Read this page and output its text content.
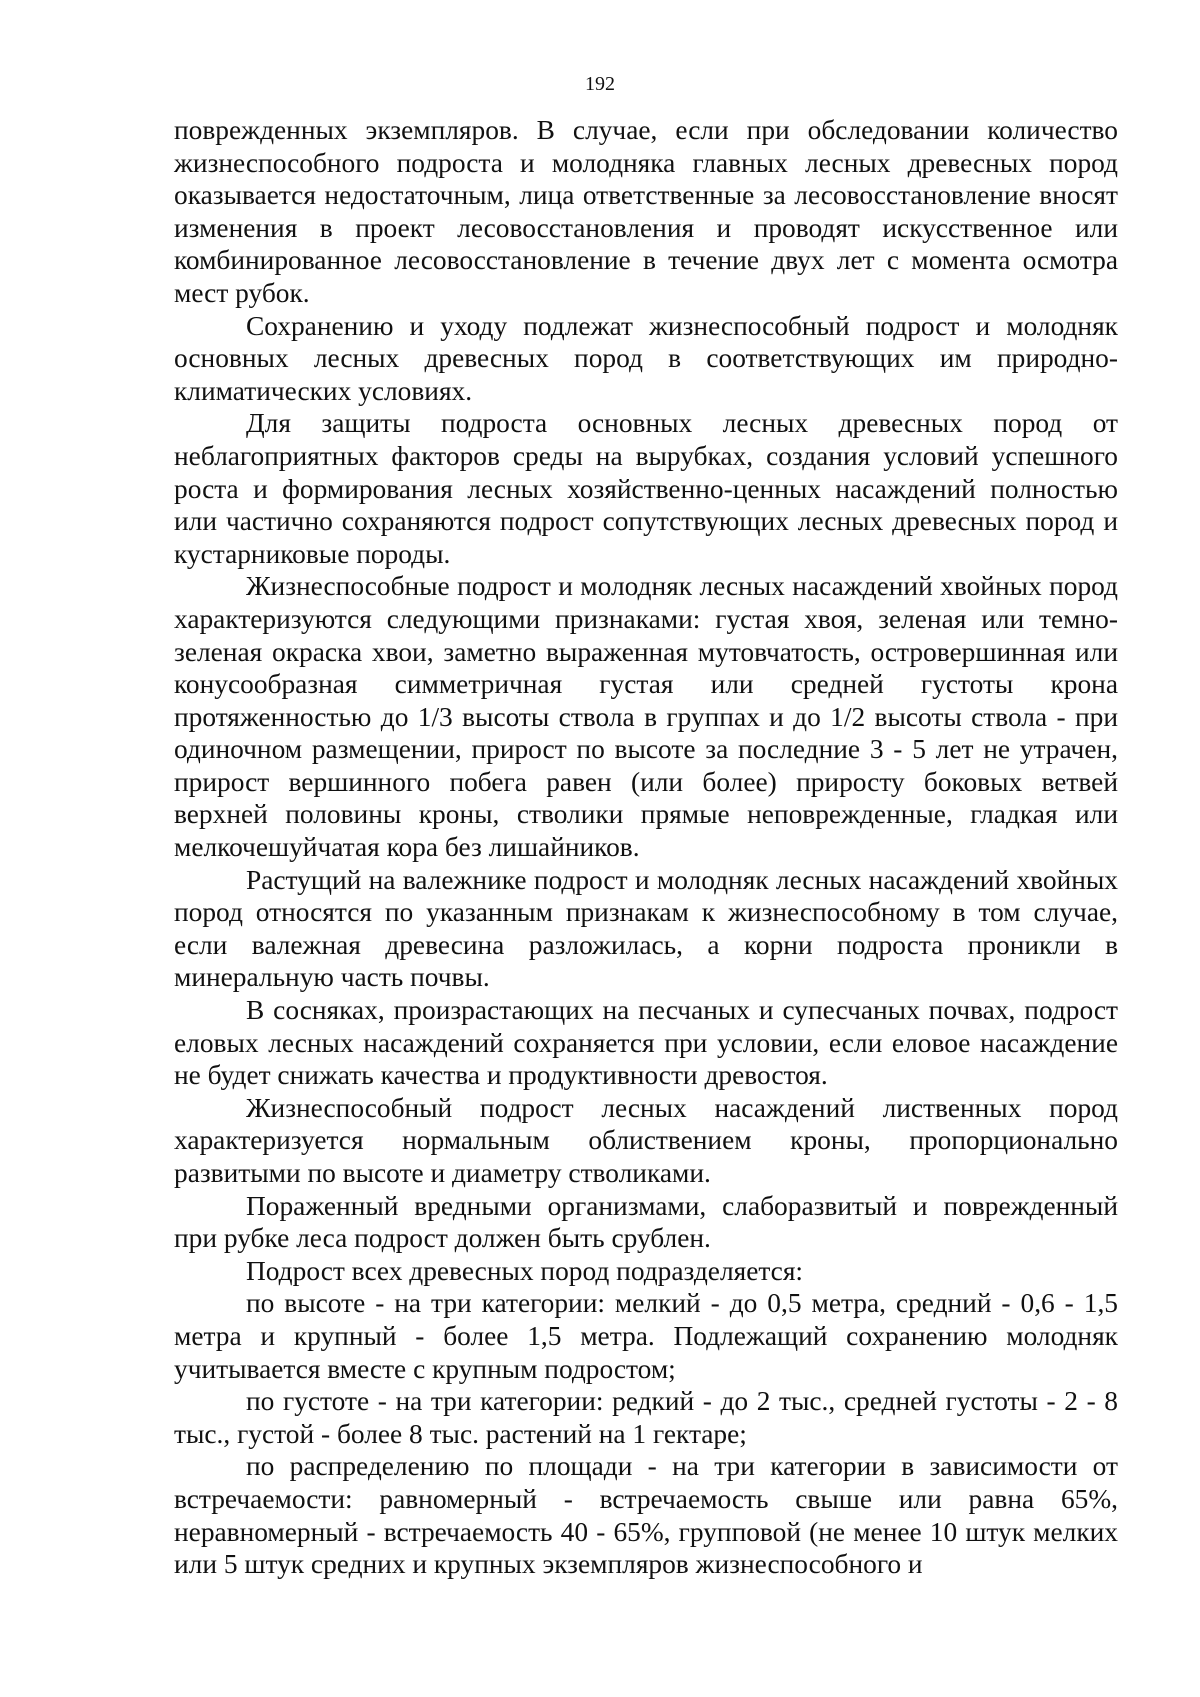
192

поврежденных экземпляров. В случае, если при обследовании количество жизнеспособного подроста и молодняка главных лесных древесных пород оказывается недостаточным, лица ответственные за лесовосстановление вносят изменения в проект лесовосстановления и проводят искусственное или комбинированное лесовосстановление в течение двух лет с момента осмотра мест рубок.

Сохранению и уходу подлежат жизнеспособный подрост и молодняк основных лесных древесных пород в соответствующих им природно-климатических условиях.

Для защиты подроста основных лесных древесных пород от неблагоприятных факторов среды на вырубках, создания условий успешного роста и формирования лесных хозяйственно-ценных насаждений полностью или частично сохраняются подрост сопутствующих лесных древесных пород и кустарниковые породы.

Жизнеспособные подрост и молодняк лесных насаждений хвойных пород характеризуются следующими признаками: густая хвоя, зеленая или темно-зеленая окраска хвои, заметно выраженная мутовчатость, островершинная или конусообразная симметричная густая или средней густоты крона протяженностью до 1/3 высоты ствола в группах и до 1/2 высоты ствола - при одиночном размещении, прирост по высоте за последние 3 - 5 лет не утрачен, прирост вершинного побега равен (или более) приросту боковых ветвей верхней половины кроны, стволики прямые неповрежденные, гладкая или мелкочешуйчатая кора без лишайников.

Растущий на валежнике подрост и молодняк лесных насаждений хвойных пород относятся по указанным признакам к жизнеспособному в том случае, если валежная древесина разложилась, а корни подроста проникли в минеральную часть почвы.

В сосняках, произрастающих на песчаных и супесчаных почвах, подрост еловых лесных насаждений сохраняется при условии, если еловое насаждение не будет снижать качества и продуктивности древостоя.

Жизнеспособный подрост лесных насаждений лиственных пород характеризуется нормальным облиствением кроны, пропорционально развитыми по высоте и диаметру стволиками.

Пораженный вредными организмами, слаборазвитый и поврежденный при рубке леса подрост должен быть срублен.

Подрост всех древесных пород подразделяется:

по высоте - на три категории: мелкий - до 0,5 метра, средний - 0,6 - 1,5 метра и крупный - более 1,5 метра. Подлежащий сохранению молодняк учитывается вместе с крупным подростом;

по густоте - на три категории: редкий - до 2 тыс., средней густоты - 2 - 8 тыс., густой - более 8 тыс. растений на 1 гектаре;

по распределению по площади - на три категории в зависимости от встречаемости: равномерный - встречаемость свыше или равна 65%, неравномерный - встречаемость 40 - 65%, групповой (не менее 10 штук мелких или 5 штук средних и крупных экземпляров жизнеспособного и
